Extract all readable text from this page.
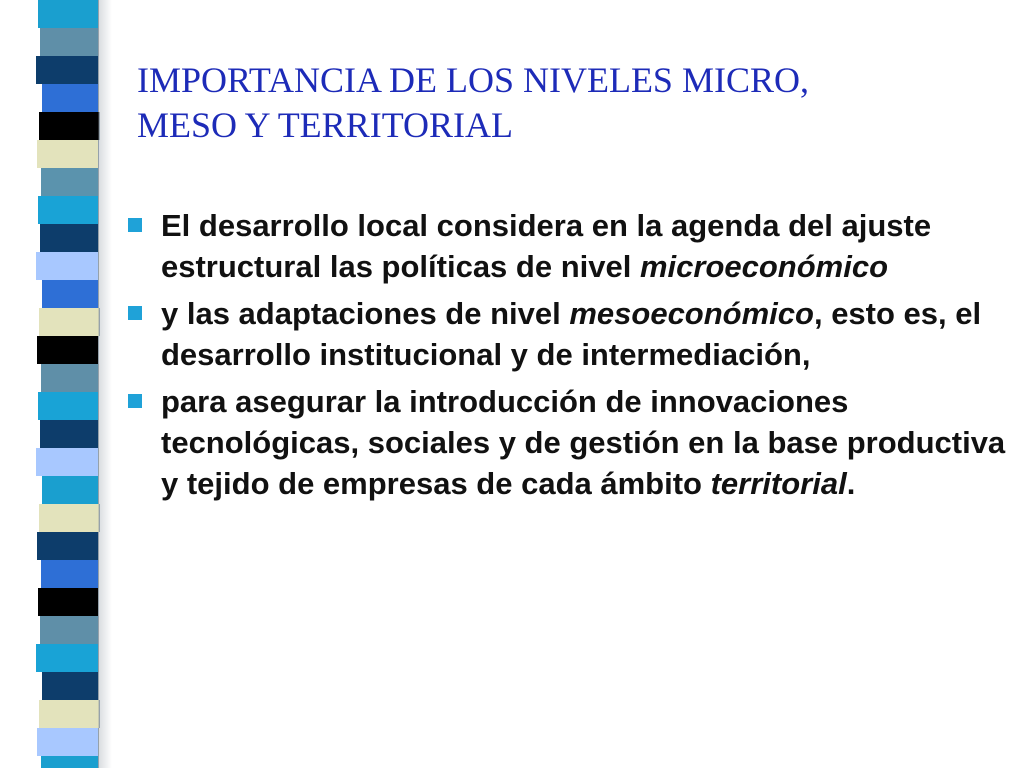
IMPORTANCIA DE LOS NIVELES MICRO,
MESO Y TERRITORIAL
El desarrollo local considera en la agenda del ajuste estructural las políticas de nivel microeconómico
y las adaptaciones de nivel mesoeconómico, esto es, el desarrollo institucional y de intermediación,
para asegurar la introducción de innovaciones tecnológicas, sociales y de gestión en la base productiva y tejido de empresas de cada ámbito territorial.
